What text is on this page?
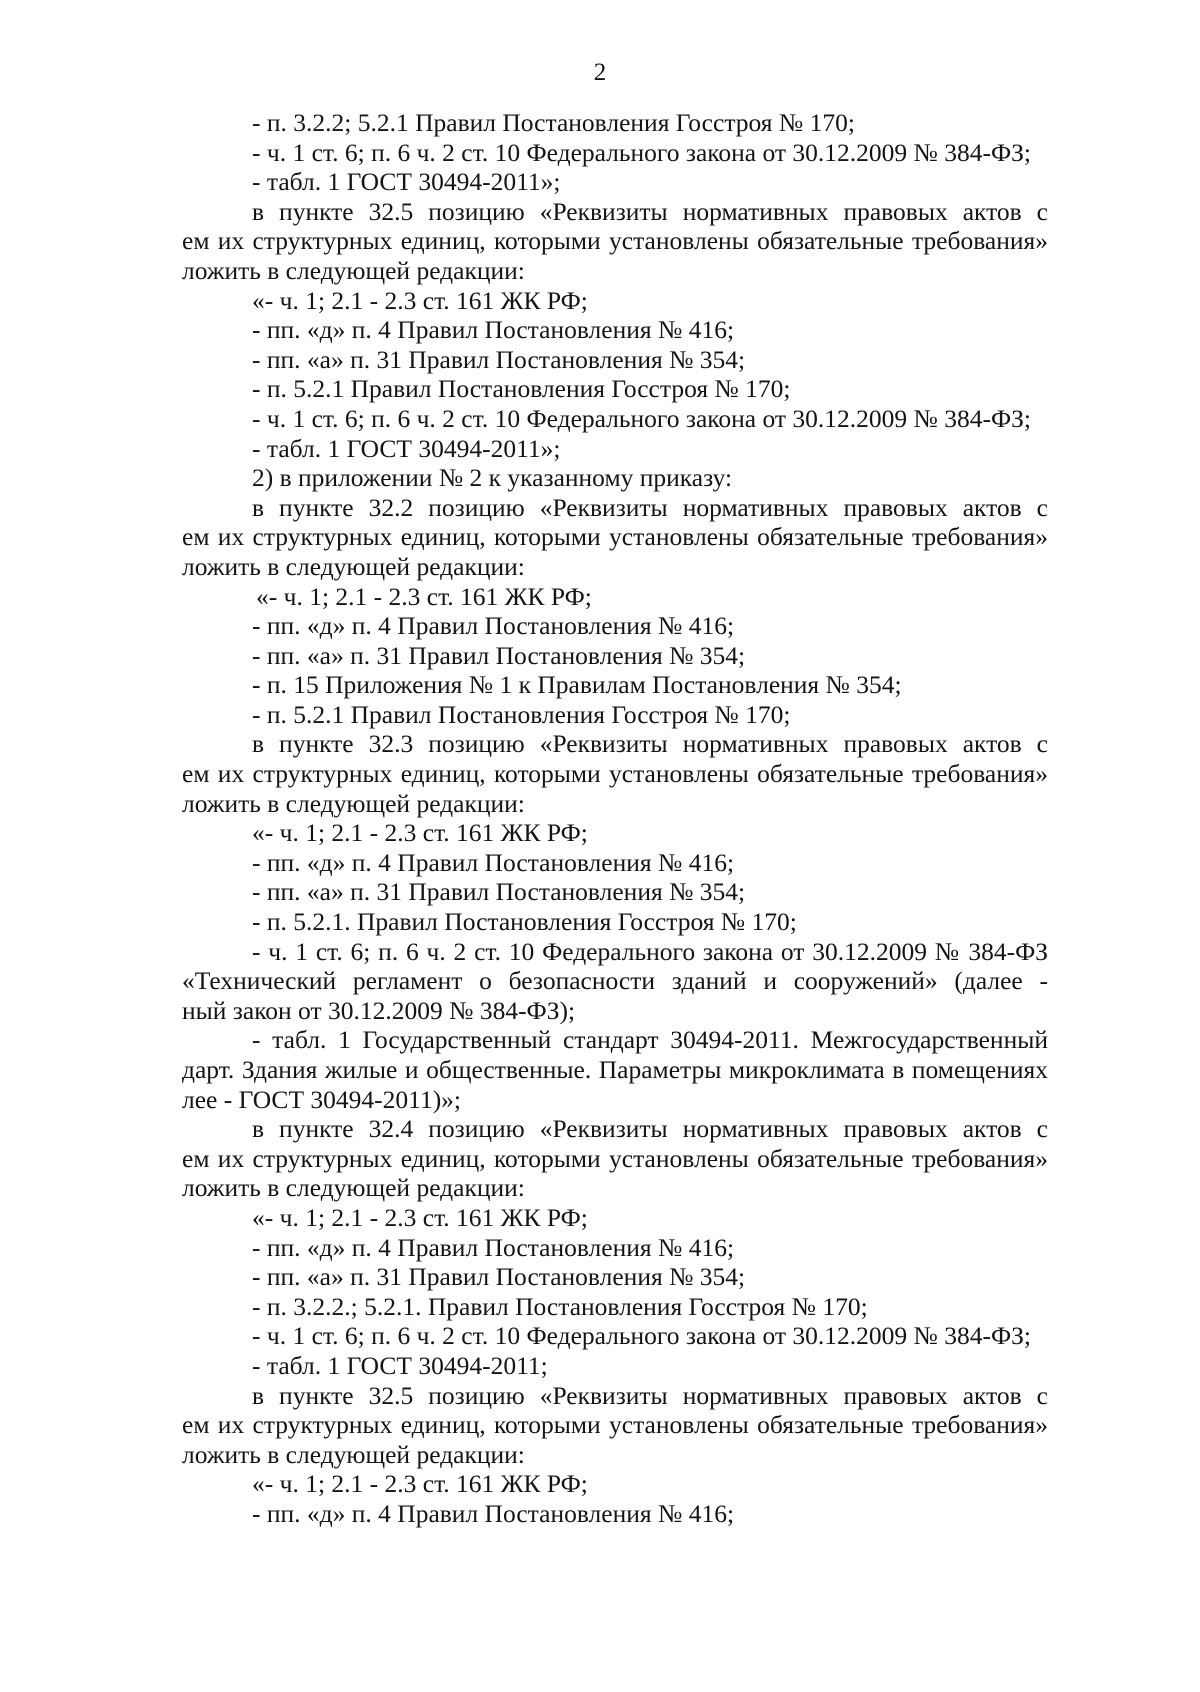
2
- п. 3.2.2; 5.2.1 Правил Постановления Госстроя № 170;
- ч. 1 ст. 6; п. 6 ч. 2 ст. 10 Федерального закона от 30.12.2009 № 384-ФЗ;
- табл. 1 ГОСТ 30494-2011»;
в пункте 32.5 позицию «Реквизиты нормативных правовых актов с
ем их структурных единиц, которыми установлены обязательные требования»
ложить в следующей редакции:
«- ч. 1; 2.1 - 2.3 ст. 161 ЖК РФ;
- пп. «д» п. 4 Правил Постановления № 416;
- пп. «а» п. 31 Правил Постановления № 354;
- п. 5.2.1 Правил Постановления Госстроя № 170;
- ч. 1 ст. 6; п. 6 ч. 2 ст. 10 Федерального закона от 30.12.2009 № 384-ФЗ;
- табл. 1 ГОСТ 30494-2011»;
2) в приложении № 2 к указанному приказу:
в пункте 32.2 позицию «Реквизиты нормативных правовых актов с
ем их структурных единиц, которыми установлены обязательные требования»
ложить в следующей редакции:
«- ч. 1; 2.1 - 2.3 ст. 161 ЖК РФ;
- пп. «д» п. 4 Правил Постановления № 416;
- пп. «а» п. 31 Правил Постановления № 354;
- п. 15 Приложения № 1 к Правилам Постановления № 354;
- п. 5.2.1 Правил Постановления Госстроя № 170;
в пункте 32.3 позицию «Реквизиты нормативных правовых актов с
ем их структурных единиц, которыми установлены обязательные требования»
ложить в следующей редакции:
«- ч. 1; 2.1 - 2.3 ст. 161 ЖК РФ;
- пп. «д» п. 4 Правил Постановления № 416;
- пп. «а» п. 31 Правил Постановления № 354;
- п. 5.2.1. Правил Постановления Госстроя № 170;
- ч. 1 ст. 6; п. 6 ч. 2 ст. 10 Федерального закона от 30.12.2009 № 384-ФЗ
«Технический регламент о безопасности зданий и сооружений» (далее -
ный закон от 30.12.2009 № 384-ФЗ);
- табл. 1 Государственный стандарт 30494-2011. Межгосударственный
дарт. Здания жилые и общественные. Параметры микроклимата в помещениях
лее - ГОСТ 30494-2011)»;
в пункте 32.4 позицию «Реквизиты нормативных правовых актов с
ем их структурных единиц, которыми установлены обязательные требования»
ложить в следующей редакции:
«- ч. 1; 2.1 - 2.3 ст. 161 ЖК РФ;
- пп. «д» п. 4 Правил Постановления № 416;
- пп. «а» п. 31 Правил Постановления № 354;
- п. 3.2.2.; 5.2.1. Правил Постановления Госстроя № 170;
- ч. 1 ст. 6; п. 6 ч. 2 ст. 10 Федерального закона от 30.12.2009 № 384-ФЗ;
- табл. 1 ГОСТ 30494-2011;
в пункте 32.5 позицию «Реквизиты нормативных правовых актов с
ем их структурных единиц, которыми установлены обязательные требования»
ложить в следующей редакции:
«- ч. 1; 2.1 - 2.3 ст. 161 ЖК РФ;
- пп. «д» п. 4 Правил Постановления № 416;
